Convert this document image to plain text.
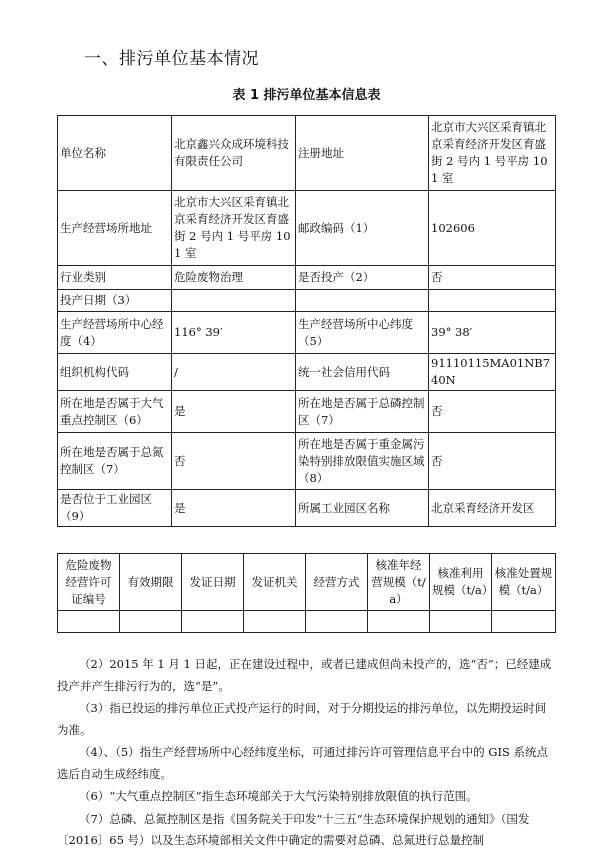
一、排污单位基本情况
表 1 排污单位基本信息表
单位名称	北京鑫兴众成环境科技有限责任公司	注册地址	北京市大兴区采育镇北京采育经济开发区育盛街 2 号内 1 号平房 101 室
生产经营场所地址	北京市大兴区采育镇北京采育经济开发区育盛街 2 号内 1 号平房 101 室	邮政编码（1）	102606
行业类别	危险废物治理	是否投产（2）	否
投产日期（3）			
生产经营场所中心经度（4）	116° 39′	生产经营场所中心纬度（5）	39° 38′
组织机构代码	/	统一社会信用代码	91110115MA01NB740N
所在地是否属于大气重点控制区（6）	是	所在地是否属于总磷控制区（7）	否
所在地是否属于总氮控制区（7）	否	所在地是否属于重金属污染特别排放限值实施区域（8）	否
是否位于工业园区（9）	是	所属工业园区名称	北京采育经济开发区
危险废物经营许可证编号	有效期限	发证日期	发证机关	经营方式	核准年经营规模（t/a）	核准利用规模（t/a）	核准处置规模（t/a）

（2）2015 年 1 月 1 日起，正在建设过程中，或者已建成但尚未投产的，选“否”；已经建成投产并产生排污行为的，选“是”。

（3）指已投运的排污单位正式投产运行的时间，对于分期投运的排污单位，以先期投运时间为准。

（4）、（5）指生产经营场所中心经纬度坐标，可通过排污许可管理信息平台中的 GIS 系统点选后自动生成经纬度。

（6）“大气重点控制区”指生态环境部关于大气污染特别排放限值的执行范围。

（7）总磷、总氮控制区是指《国务院关于印发“十三五”生态环境保护规划的通知》（国发〔2016〕65 号）以及生态环境部相关文件中确定的需要对总磷、总氮进行总量控制
